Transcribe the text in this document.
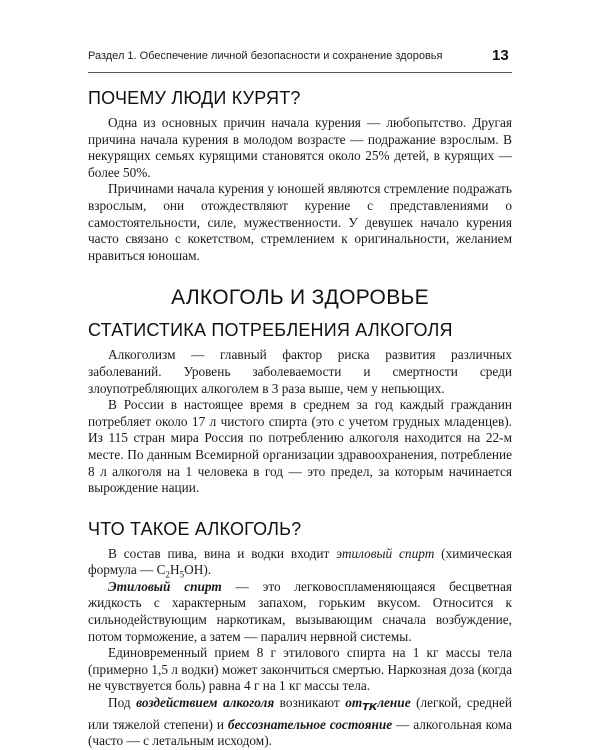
Раздел 1. Обеспечение личной безопасности и сохранение здоровья	13
ПОЧЕМУ ЛЮДИ КУРЯТ?

Одна из основных причин начала курения — любопытство. Другая причина начала курения в молодом возрасте — подражание взрослым. В некурящих семьях курящими становятся около 25% детей, в курящих — более 50%.

Причинами начала курения у юношей являются стремление подражать взрослым, они отождествляют курение с представлениями о самостоятельности, силе, мужественности. У девушек начало курения часто связано с кокетством, стремлением к оригинальности, желанием нравиться юношам.

АЛКОГОЛЬ И ЗДОРОВЬЕ
СТАТИСТИКА ПОТРЕБЛЕНИЯ АЛКОГОЛЯ

Алкоголизм — главный фактор риска развития различных заболеваний. Уровень заболеваемости и смертности среди злоупотребляющих алкоголем в 3 раза выше, чем у непьющих.

В России в настоящее время в среднем за год каждый гражданин потребляет около 17 л чистого спирта (это с учетом грудных младенцев). Из 115 стран мира Россия по потреблению алкоголя находится на 22-м месте. По данным Всемирной организации здравоохранения, потребление 8 л алкоголя на 1 человека в год — это предел, за которым начинается вырождение нации.

ЧТО ТАКОЕ АЛКОГОЛЬ?

В состав пива, вина и водки входит этиловый спирт (химическая формула — $C_2H_5OH$).

Этиловый спирт — это легковоспламеняющаяся бесцветная жидкость с характерным запахом, горьким вкусом. Относится к сильнодействующим наркотикам, вызывающим сначала возбуждение, потом торможение, а затем — паралич нервной системы.

Единовременный прием 8 г этилового спирта на 1 кг массы тела (примерно 1,5 л водки) может закончиться смертью. Наркозная доза (когда не чувствуется боль) равна 4 г на 1 кг массы тела.

Под воздействием алкоголя возникают $от_{ТК}ление$ (легкой, средней или тяжелой степени) и бессознательное состояние — алкогольная кома (часто — с летальным исходом).
